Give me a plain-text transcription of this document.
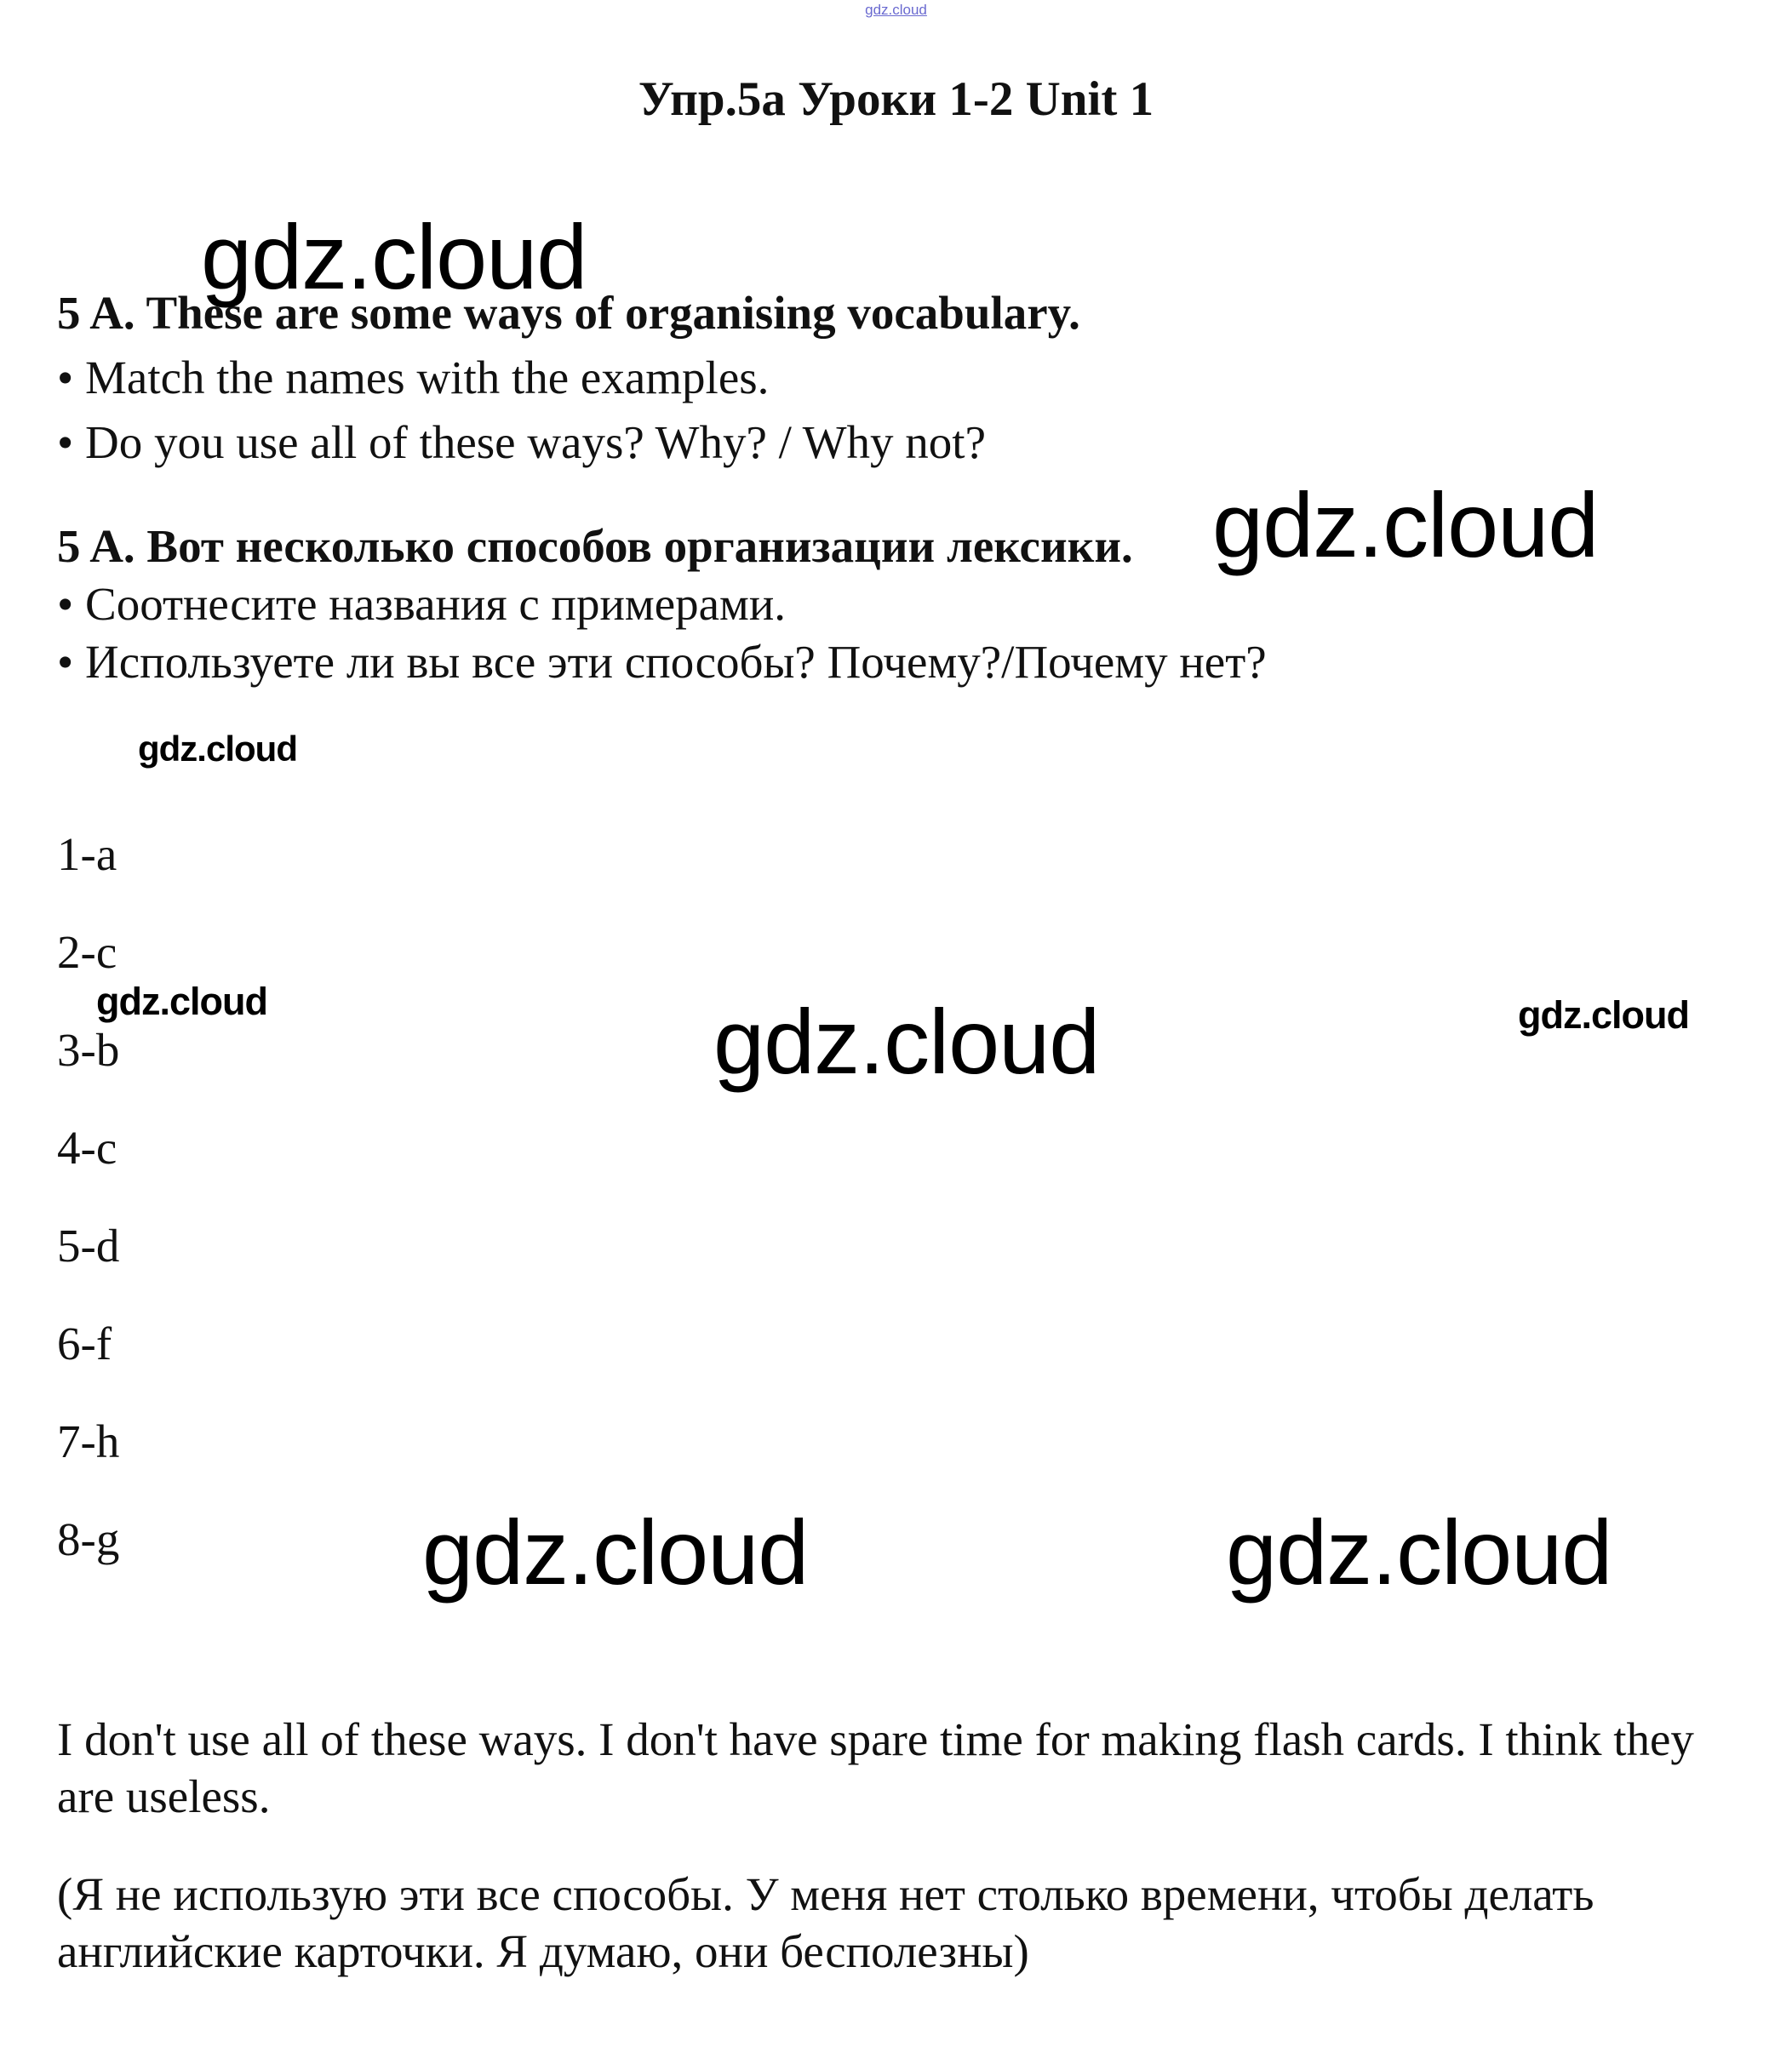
gdz.cloud
Упр.5а Уроки 1-2 Unit 1

5 A. These are some ways of organising vocabulary.

• Match the names with the examples.

• Do you use all of these ways? Why? / Why not?

5 A. Вот несколько способов организации лексики.

• Соотнесите названия с примерами.

• Используете ли вы все эти способы? Почему?/Почему нет?

1-a
2-c
3-b
4-c
5-d
6-f
7-h
8-g

I don't use all of these ways. I don't have spare time for making flash cards. I think they are useless.

(Я не использую эти все способы. У меня нет столько времени, чтобы делать английские карточки. Я думаю, они бесполезны)

gdz.cloud
gdz.cloud
gdz.cloud
gdz.cloud	gdz.cloud	gdz.cloud
gdz.cloud	gdz.cloud
